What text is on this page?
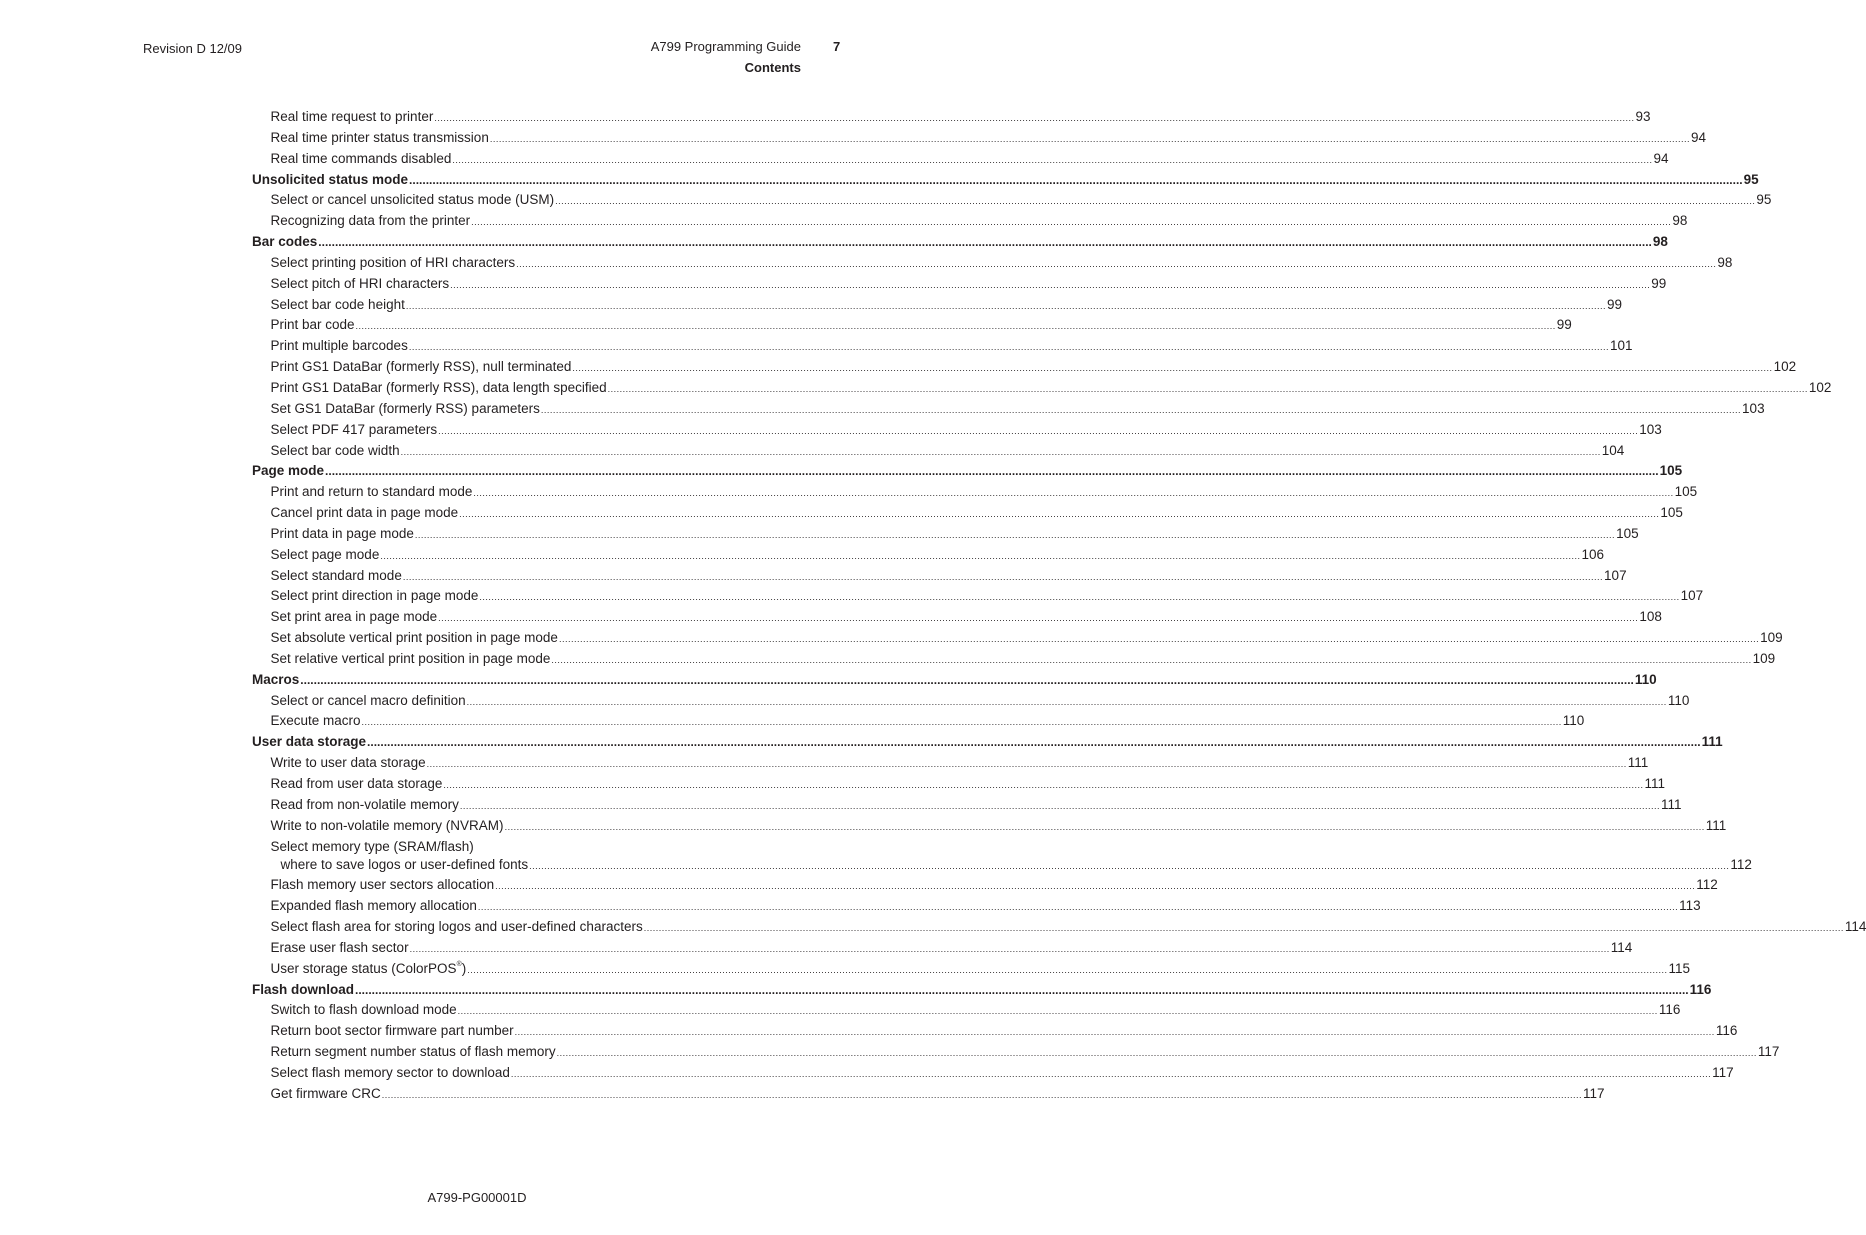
Revision D 12/09	A799 Programming Guide
Contents
7
Real time request to printer ................................................................................................................................................................................................................................................................................................................................................................................................................ 93
Real time printer status transmission ................................................................................................................................................................................................................................................................................................................................................................................................................ 94
Real time commands disabled ................................................................................................................................................................................................................................................................................................................................................................................................................ 94
Unsolicited status mode ................................................................................................................................................................................................................................................................................................................................................................................................................ 95
Select or cancel unsolicited status mode (USM) ................................................................................................................................................................................................................................................................................................................................................................................................................ 95
Recognizing data from the printer ................................................................................................................................................................................................................................................................................................................................................................................................................ 98
Bar codes ................................................................................................................................................................................................................................................................................................................................................................................................................ 98
Select printing position of HRI characters ................................................................................................................................................................................................................................................................................................................................................................................................................ 98
Select pitch of HRI characters ................................................................................................................................................................................................................................................................................................................................................................................................................ 99
Select bar code height ................................................................................................................................................................................................................................................................................................................................................................................................................ 99
Print bar code ................................................................................................................................................................................................................................................................................................................................................................................................................ 99
Print multiple barcodes ................................................................................................................................................................................................................................................................................................................................................................................................................ 101
Print GS1 DataBar (formerly RSS), null terminated ................................................................................................................................................................................................................................................................................................................................................................................................................ 102
Print GS1 DataBar (formerly RSS), data length specified ................................................................................................................................................................................................................................................................................................................................................................................................................ 102
Set GS1 DataBar (formerly RSS) parameters ................................................................................................................................................................................................................................................................................................................................................................................................................ 103
Select PDF 417 parameters ................................................................................................................................................................................................................................................................................................................................................................................................................ 103
Select bar code width ................................................................................................................................................................................................................................................................................................................................................................................................................ 104
Page mode ................................................................................................................................................................................................................................................................................................................................................................................................................ 105
Print and return to standard mode ................................................................................................................................................................................................................................................................................................................................................................................................................ 105
Cancel print data in page mode ................................................................................................................................................................................................................................................................................................................................................................................................................ 105
Print data in page mode ................................................................................................................................................................................................................................................................................................................................................................................................................ 105
Select page mode ................................................................................................................................................................................................................................................................................................................................................................................................................ 106
Select standard mode ................................................................................................................................................................................................................................................................................................................................................................................................................ 107
Select print direction in page mode ................................................................................................................................................................................................................................................................................................................................................................................................................ 107
Set print area in page mode ................................................................................................................................................................................................................................................................................................................................................................................................................ 108
Set absolute vertical print position in page mode ................................................................................................................................................................................................................................................................................................................................................................................................................ 109
Set relative vertical print position in page mode ................................................................................................................................................................................................................................................................................................................................................................................................................ 109
Macros ................................................................................................................................................................................................................................................................................................................................................................................................................ 110
Select or cancel macro definition ................................................................................................................................................................................................................................................................................................................................................................................................................ 110
Execute macro ................................................................................................................................................................................................................................................................................................................................................................................................................ 110
User data storage ................................................................................................................................................................................................................................................................................................................................................................................................................ 111
Write to user data storage ................................................................................................................................................................................................................................................................................................................................................................................................................ 111
Read from user data storage ................................................................................................................................................................................................................................................................................................................................................................................................................ 111
Read from non-volatile memory ................................................................................................................................................................................................................................................................................................................................................................................................................ 111
Write to non-volatile memory (NVRAM) ................................................................................................................................................................................................................................................................................................................................................................................................................ 111
Select memory type (SRAM/flash)
where to save logos or user-defined fonts ................................................................................................................................................................................................................................................................................................................................................................................................................ 112
Flash memory user sectors allocation ................................................................................................................................................................................................................................................................................................................................................................................................................ 112
Expanded flash memory allocation ................................................................................................................................................................................................................................................................................................................................................................................................................ 113
Select flash area for storing logos and user-defined characters ................................................................................................................................................................................................................................................................................................................................................................................................................ 114
Erase user flash sector ................................................................................................................................................................................................................................................................................................................................................................................................................ 114
User storage status (ColorPOS®) ................................................................................................................................................................................................................................................................................................................................................................................................................ 115
Flash download ................................................................................................................................................................................................................................................................................................................................................................................................................ 116
Switch to flash download mode ................................................................................................................................................................................................................................................................................................................................................................................................................ 116
Return boot sector firmware part number ................................................................................................................................................................................................................................................................................................................................................................................................................ 116
Return segment number status of flash memory ................................................................................................................................................................................................................................................................................................................................................................................................................ 117
Select flash memory sector to download ................................................................................................................................................................................................................................................................................................................................................................................................................ 117
Get firmware CRC ................................................................................................................................................................................................................................................................................................................................................................................................................ 117
A799-PG00001D
